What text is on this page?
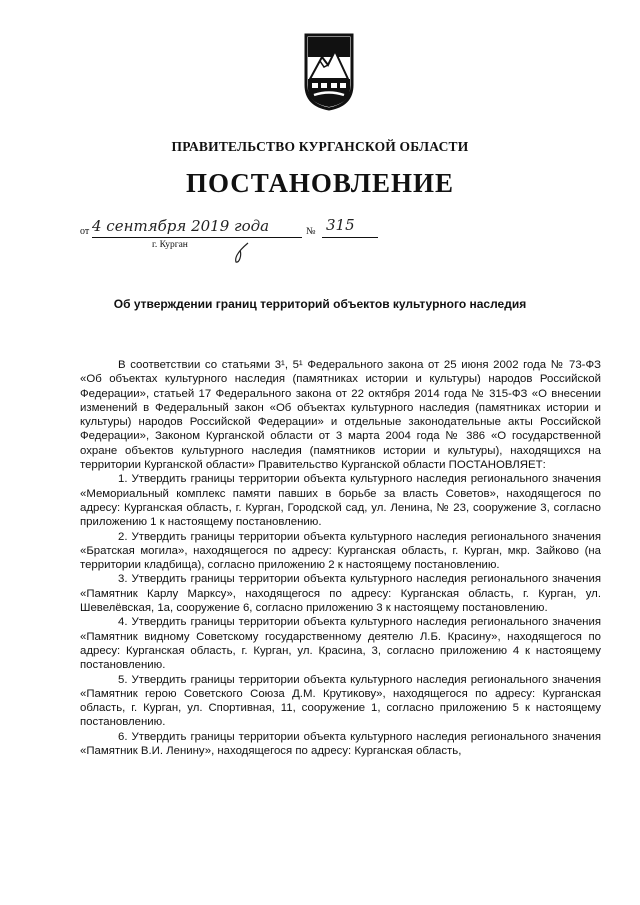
ПРАВИТЕЛЬСТВО КУРГАНСКОЙ ОБЛАСТИ
ПОСТАНОВЛЕНИЕ
от 4 сентября 2019 года	№ 315
г. Курган
Об утверждении границ территорий объектов культурного наследия

В соответствии со статьями 3¹, 5¹ Федерального закона от 25 июня 2002 года № 73-ФЗ «Об объектах культурного наследия (памятниках истории и культуры) народов Российской Федерации», статьей 17 Федерального закона от 22 октября 2014 года № 315-ФЗ «О внесении изменений в Федеральный закон «Об объектах культурного наследия (памятниках истории и культуры) народов Российской Федерации» и отдельные законодательные акты Российской Федерации», Законом Курганской области от 3 марта 2004 года № 386 «О государственной охране объектов культурного наследия (памятников истории и культуры), находящихся на территории Курганской области» Правительство Курганской области ПОСТАНОВЛЯЕТ:

1. Утвердить границы территории объекта культурного наследия регионального значения «Мемориальный комплекс памяти павших в борьбе за власть Советов», находящегося по адресу: Курганская область, г. Курган, Городской сад, ул. Ленина, № 23, сооружение 3, согласно приложению 1 к настоящему постановлению.

2. Утвердить границы территории объекта культурного наследия регионального значения «Братская могила», находящегося по адресу: Курганская область, г. Курган, мкр. Зайково (на территории кладбища), согласно приложению 2 к настоящему постановлению.

3. Утвердить границы территории объекта культурного наследия регионального значения «Памятник Карлу Марксу», находящегося по адресу: Курганская область, г. Курган, ул. Шевелёвская, 1а, сооружение 6, согласно приложению 3 к настоящему постановлению.

4. Утвердить границы территории объекта культурного наследия регионального значения «Памятник видному Советскому государственному деятелю Л.Б. Красину», находящегося по адресу: Курганская область, г. Курган, ул. Красина, 3, согласно приложению 4 к настоящему постановлению.

5. Утвердить границы территории объекта культурного наследия регионального значения «Памятник герою Советского Союза Д.М. Крутикову», находящегося по адресу: Курганская область, г. Курган, ул. Спортивная, 11, сооружение 1, согласно приложению 5 к настоящему постановлению.

6. Утвердить границы территории объекта культурного наследия регионального значения «Памятник В.И. Ленину», находящегося по адресу: Курганская область,
